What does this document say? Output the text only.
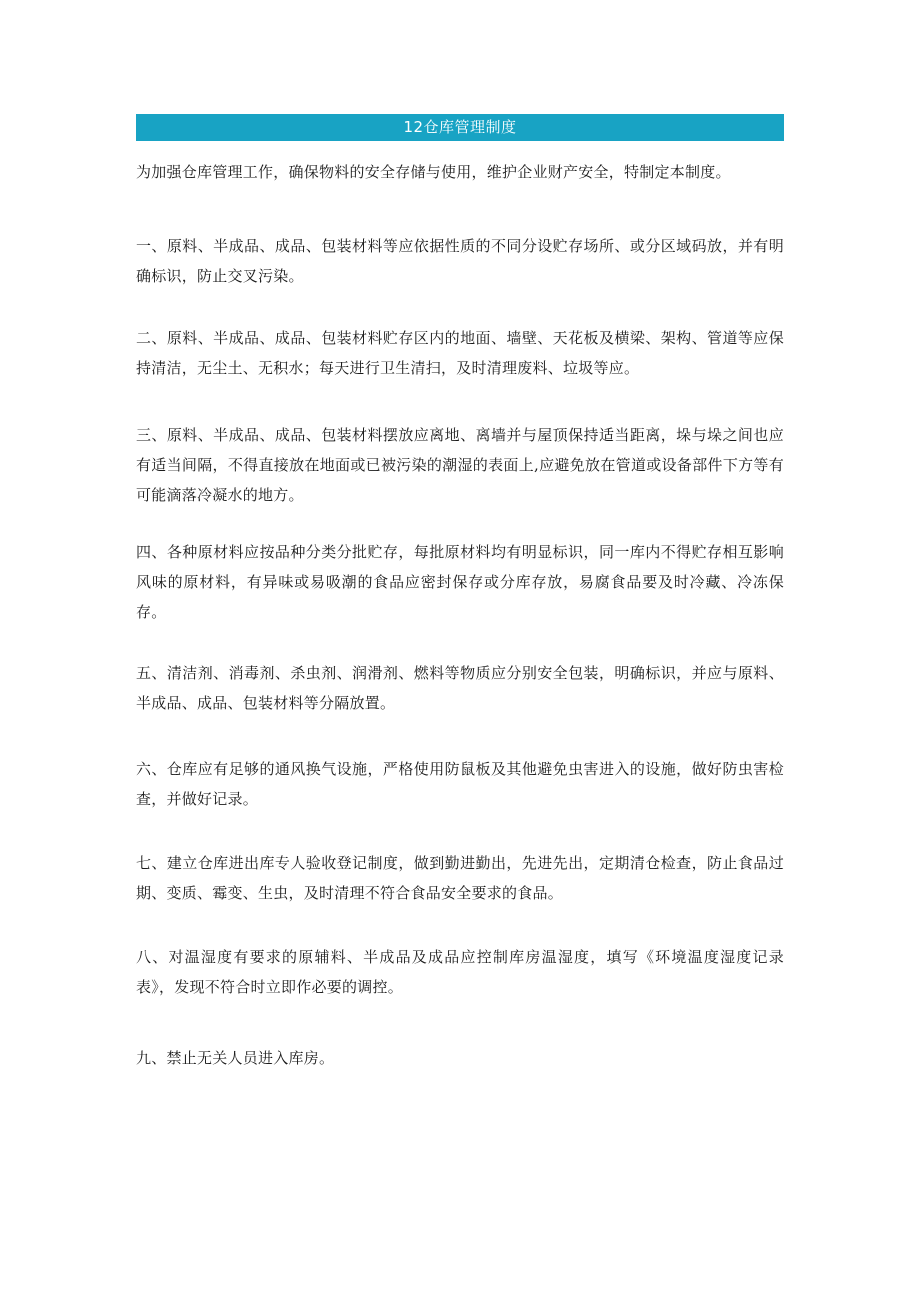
12仓库管理制度

为加强仓库管理工作，确保物料的安全存储与使用，维护企业财产安全，特制定本制度。

一、原料、半成品、成品、包装材料等应依据性质的不同分设贮存场所、或分区域码放，并有明确标识，防止交叉污染。

二、原料、半成品、成品、包装材料贮存区内的地面、墙壁、天花板及横梁、架构、管道等应保持清洁，无尘土、无积水；每天进行卫生清扫，及时清理废料、垃圾等应。

三、原料、半成品、成品、包装材料摆放应离地、离墙并与屋顶保持适当距离，垛与垛之间也应有适当间隔，不得直接放在地面或已被污染的潮湿的表面上,应避免放在管道或设备部件下方等有可能滴落冷凝水的地方。

四、各种原材料应按品种分类分批贮存，每批原材料均有明显标识，同一库内不得贮存相互影响风味的原材料，有异味或易吸潮的食品应密封保存或分库存放，易腐食品要及时冷藏、冷冻保存。

五、清洁剂、消毒剂、杀虫剂、润滑剂、燃料等物质应分别安全包装，明确标识，并应与原料、半成品、成品、包装材料等分隔放置。

六、仓库应有足够的通风换气设施，严格使用防鼠板及其他避免虫害进入的设施，做好防虫害检查，并做好记录。

七、建立仓库进出库专人验收登记制度，做到勤进勤出，先进先出，定期清仓检查，防止食品过期、变质、霉变、生虫，及时清理不符合食品安全要求的食品。

八、对温湿度有要求的原辅料、半成品及成品应控制库房温湿度，填写《环境温度湿度记录表》，发现不符合时立即作必要的调控。

九、禁止无关人员进入库房。
